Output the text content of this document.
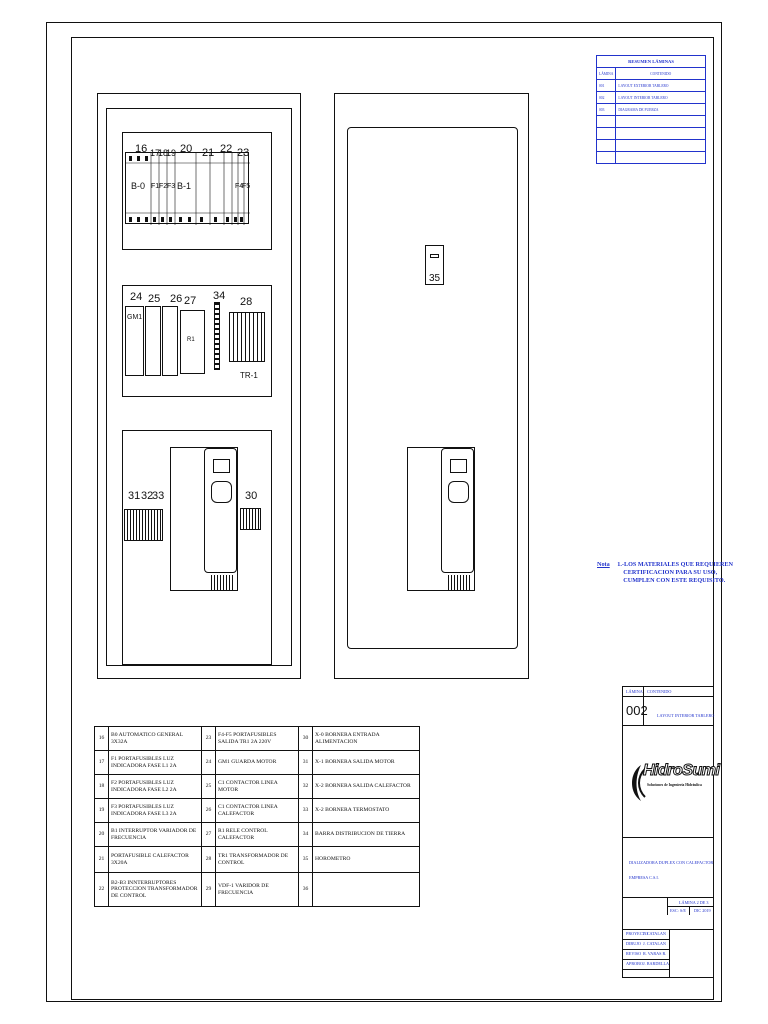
RESUMEN LÁMINAS	
LÁMINA	CONTENIDO
001	LAYOUT EXTERIOR TABLERO
002	LAYOUT INTERIOR TABLERO
003	DIAGRAMA DE FUERZA

16 17
18
19 20 21 22 23
B-0 F1 F2 F3 B-1	F4
F5
24 25 26 27 34 28
GM1
R1
TR-1
31 32
33	30
35
Nota 1.-LOS MATERIALES QUE REQUIEREN
CERTIFICACION PARA SU USO,
CUMPLEN CON ESTE REQUISITO.
16	B0 AUTOMATICO GENERAL 3X32A	23	F4-F5 PORTAFUSIBLES SALIDA TR1 2A 220V	30	X-0 BORNERA ENTRADA ALIMENTACION
17	F1 PORTAFUSIBLES LUZ INDICADORA FASE L1 2A	24	GM1 GUARDA MOTOR	31	X-1 BORNERA SALIDA MOTOR
18	F2 PORTAFUSIBLES LUZ INDICADORA FASE L2 2A	25	C1 CONTACTOR LINEA MOTOR	32	X-2 BORNERA SALIDA CALEFACTOR
19	F3 PORTAFUSIBLES LUZ INDICADORA FASE L3 2A	26	C1 CONTACTOR LINEA CALEFACTOR	33	X-2 BORNERA TERMOSTATO
20	B1 INTERRUPTOR VARIADOR DE FRECUENCIA	27	R1 RELE CONTROL CALEFACTOR	34	BARRA DISTRIBUCION DE TIERRA
21	PORTAFUSIBLE CALEFACTOR 3X20A	28	TR1 TRANSFORMADOR DE CONTROL	35	HOROMETRO
22	B2-B3 INNTERRUPTORES PROTECCION TRANSFORMADOR DE CONTROL	29	VDF-1 VARIDOR DE FRECUENCIA	36	
LÁMINA CONTENIDO
002 LAYOUT INTERIOR TABLERO
HidroSumi
Soluciones de Ingeniería Hidráulica
DIALIZADORA DUPLEX CON CALEFACTOR
EMPRESA C.S.I.
LÁMINA 2 DE 3
ESC: S/E DIC 2019
PROYECTO
J. CATALAN
DIBUJO J. CATALAN
REVISO R. VARAS R.
APROBO J. BARDELLA
